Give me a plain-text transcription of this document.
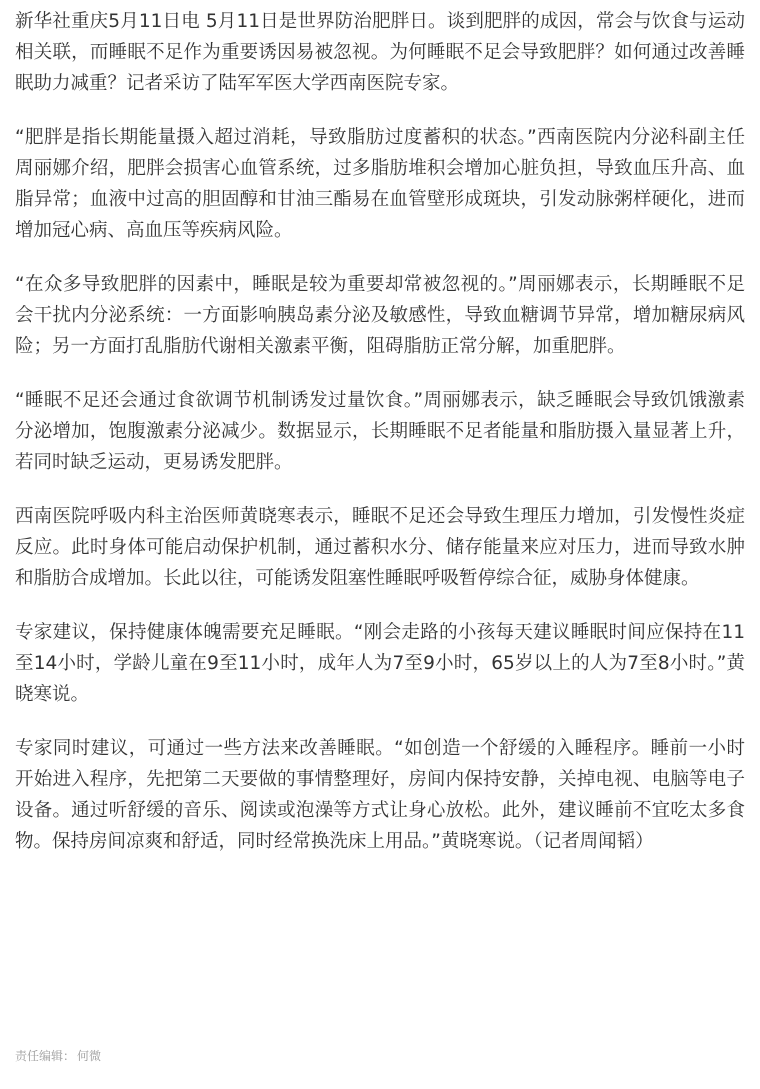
新华社重庆5月11日电 5月11日是世界防治肥胖日。谈到肥胖的成因，常会与饮食与运动相关联，而睡眠不足作为重要诱因易被忽视。为何睡眠不足会导致肥胖？如何通过改善睡眠助力减重？记者采访了陆军军医大学西南医院专家。

“肥胖是指长期能量摄入超过消耗，导致脂肪过度蓄积的状态。”西南医院内分泌科副主任周丽娜介绍，肥胖会损害心血管系统，过多脂肪堆积会增加心脏负担，导致血压升高、血脂异常；血液中过高的胆固醇和甘油三酯易在血管壁形成斑块，引发动脉粥样硬化，进而增加冠心病、高血压等疾病风险。

“在众多导致肥胖的因素中，睡眠是较为重要却常被忽视的。”周丽娜表示，长期睡眠不足会干扰内分泌系统：一方面影响胰岛素分泌及敏感性，导致血糖调节异常，增加糖尿病风险；另一方面打乱脂肪代谢相关激素平衡，阻碍脂肪正常分解，加重肥胖。

“睡眠不足还会通过食欲调节机制诱发过量饮食。”周丽娜表示，缺乏睡眠会导致饥饿激素分泌增加，饱腹激素分泌减少。数据显示，长期睡眠不足者能量和脂肪摄入量显著上升，若同时缺乏运动，更易诱发肥胖。

西南医院呼吸内科主治医师黄晓寒表示，睡眠不足还会导致生理压力增加，引发慢性炎症反应。此时身体可能启动保护机制，通过蓄积水分、储存能量来应对压力，进而导致水肿和脂肪合成增加。长此以往，可能诱发阻塞性睡眠呼吸暂停综合征，威胁身体健康。

专家建议，保持健康体魄需要充足睡眠。“刚会走路的小孩每天建议睡眠时间应保持在11至14小时，学龄儿童在9至11小时，成年人为7至9小时，65岁以上的人为7至8小时。”黄晓寒说。

专家同时建议，可通过一些方法来改善睡眠。“如创造一个舒缓的入睡程序。睡前一小时开始进入程序，先把第二天要做的事情整理好，房间内保持安静，关掉电视、电脑等电子设备。通过听舒缓的音乐、阅读或泡澡等方式让身心放松。此外，建议睡前不宜吃太多食物。保持房间凉爽和舒适，同时经常换洗床上用品。”黄晓寒说。（记者周闻韬）

责任编辑： 何微
